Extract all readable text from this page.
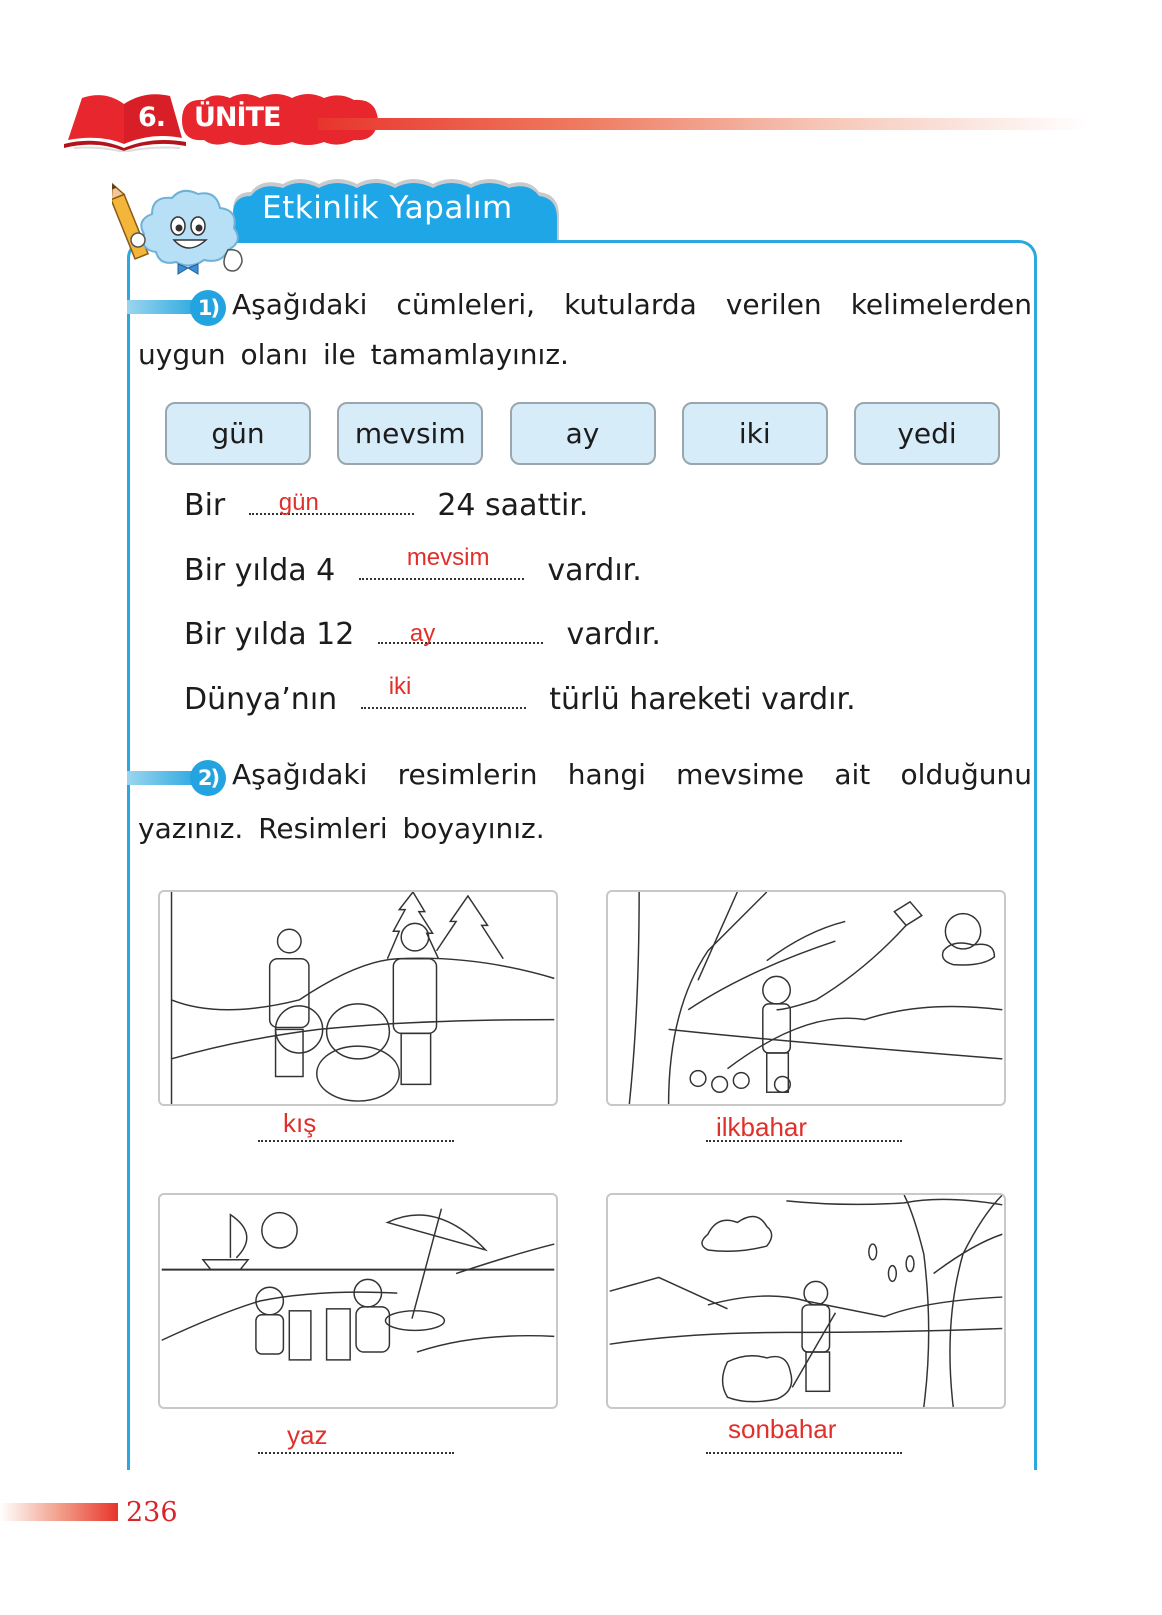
6. ÜNİTE
Etkinlik Yapalım
1) Aşağıdaki cümleleri, kutularda verilen kelimelerden
uygun olanı ile tamamlayınız.
gün	mevsim	ay	iki	yedi
Bir gün	24 saattir.
Bir yılda 4	mevsim vardır.
Bir yılda 12 ay	vardır.
Dünya’nın iki	türlü hareketi vardır.
2) Aşağıdaki resimlerin hangi mevsime ait olduğunu
yazınız. Resimleri boyayınız.
kış	ilkbahar
yaz	sonbahar
236
